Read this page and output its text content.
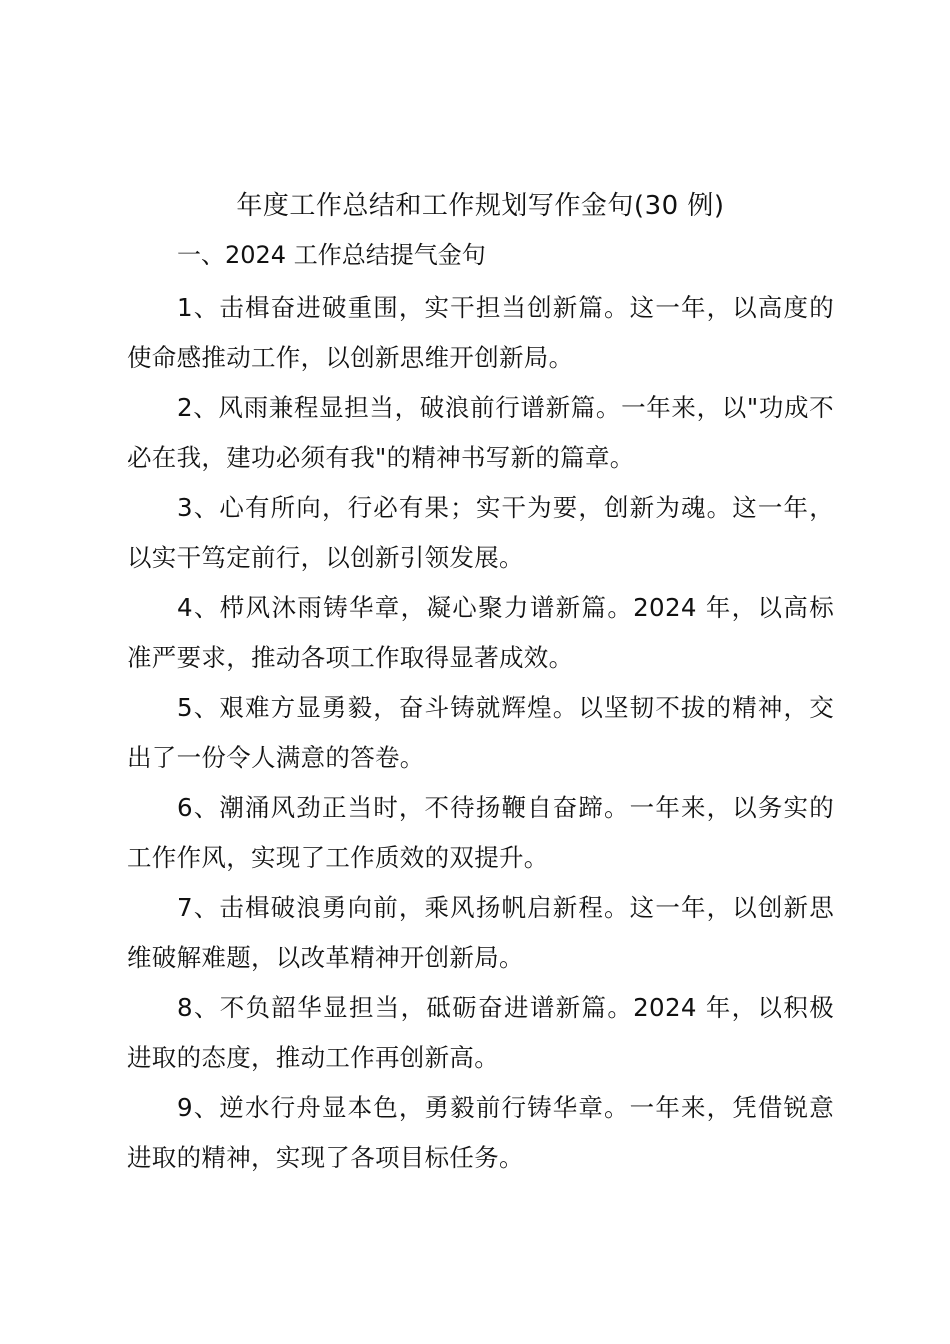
年度工作总结和工作规划写作金句(30 例)

一、2024 工作总结提气金句

1、击楫奋进破重围，实干担当创新篇。这一年，以高度的使命感推动工作，以创新思维开创新局。

2、风雨兼程显担当，破浪前行谱新篇。一年来，以"功成不必在我，建功必须有我"的精神书写新的篇章。

3、心有所向，行必有果；实干为要，创新为魂。这一年，以实干笃定前行，以创新引领发展。

4、栉风沐雨铸华章，凝心聚力谱新篇。2024 年，以高标准严要求，推动各项工作取得显著成效。

5、艰难方显勇毅，奋斗铸就辉煌。以坚韧不拔的精神，交出了一份令人满意的答卷。

6、潮涌风劲正当时，不待扬鞭自奋蹄。一年来，以务实的工作作风，实现了工作质效的双提升。

7、击楫破浪勇向前，乘风扬帆启新程。这一年，以创新思维破解难题，以改革精神开创新局。

8、不负韶华显担当，砥砺奋进谱新篇。2024 年，以积极进取的态度，推动工作再创新高。

9、逆水行舟显本色，勇毅前行铸华章。一年来，凭借锐意进取的精神，实现了各项目标任务。
